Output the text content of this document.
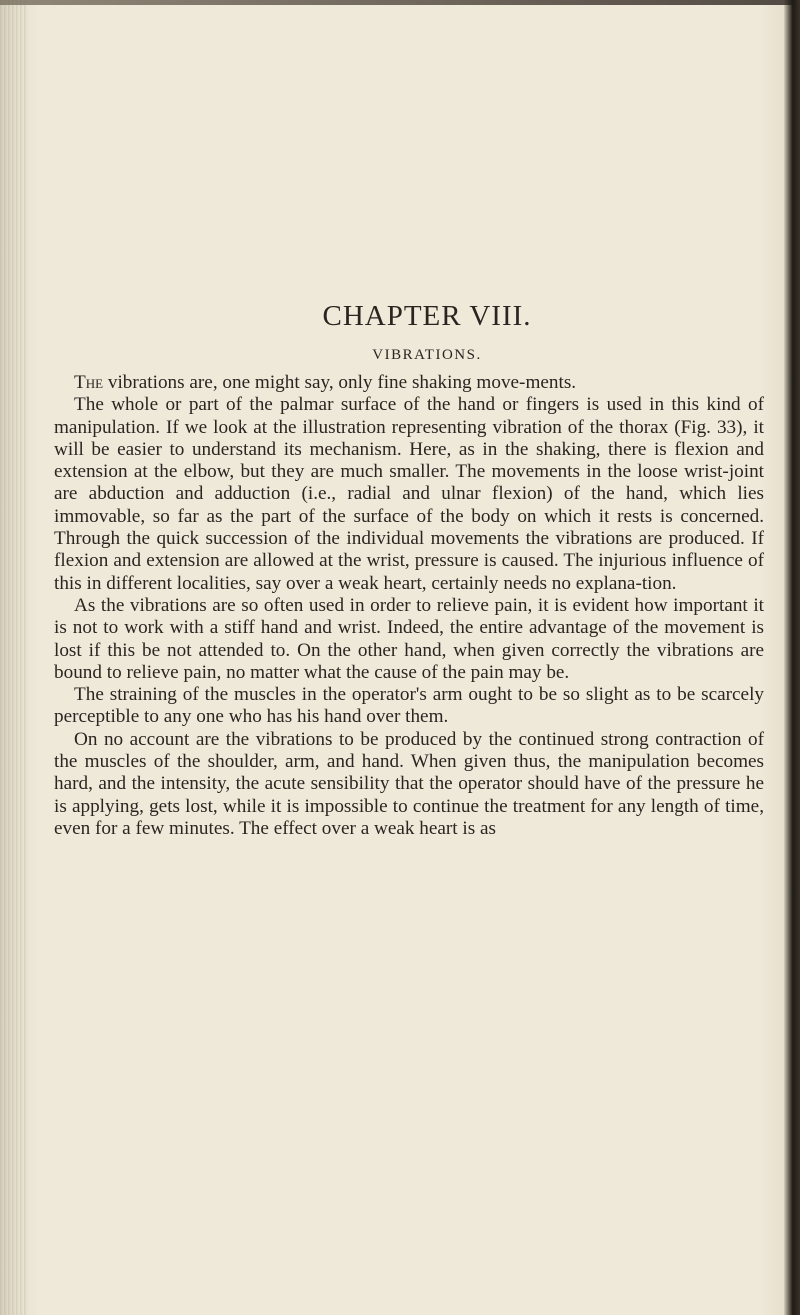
CHAPTER VIII.
VIBRATIONS.

The vibrations are, one might say, only fine shaking move-ments.

The whole or part of the palmar surface of the hand or fingers is used in this kind of manipulation. If we look at the illustration representing vibration of the thorax (Fig. 33), it will be easier to understand its mechanism. Here, as in the shaking, there is flexion and extension at the elbow, but they are much smaller. The movements in the loose wrist-joint are abduction and adduction (i.e., radial and ulnar flexion) of the hand, which lies immovable, so far as the part of the surface of the body on which it rests is concerned. Through the quick succession of the individual movements the vibrations are produced. If flexion and extension are allowed at the wrist, pressure is caused. The injurious influence of this in different localities, say over a weak heart, certainly needs no explana-tion.

As the vibrations are so often used in order to relieve pain, it is evident how important it is not to work with a stiff hand and wrist. Indeed, the entire advantage of the movement is lost if this be not attended to. On the other hand, when given correctly the vibrations are bound to relieve pain, no matter what the cause of the pain may be.

The straining of the muscles in the operator's arm ought to be so slight as to be scarcely perceptible to any one who has his hand over them.

On no account are the vibrations to be produced by the continued strong contraction of the muscles of the shoulder, arm, and hand. When given thus, the manipulation becomes hard, and the intensity, the acute sensibility that the operator should have of the pressure he is applying, gets lost, while it is impossible to continue the treatment for any length of time, even for a few minutes. The effect over a weak heart is as
